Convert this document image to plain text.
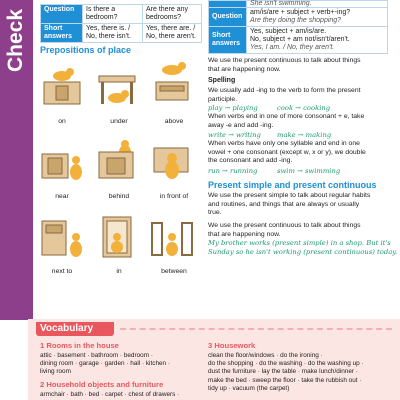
Check Question	Is there a bedroom?	Are there any bedrooms?
Short answers	Yes, there is. /
No, there isn't.	Yes, there are. /
No, there aren't.
	She isn't swimming.
Question	am/is/are + subject + verb+-ing?
Are they doing the shopping?
Short answers	Yes, subject + am/is/are.
No, subject + am not/isn't/aren't.
Yes, I am. / No, they aren't.
Prepositions of place
on	under	above
near	behind	in front of
next to	in	between
We use the present continuous to talk about things
that are happening now.
Spelling
We usually add -ing to the verb to form the present
participle.
play → playing	cook → cooking
When verbs end in one of more consonant + e, take
away -e and add -ing.
write → writing make → making
When verbs have only one syllable and end in one
vowel + one consonant (except w, x or y), we double
the consonant and add -ing.
run → running	swim → swimming
Present simple and present continuous
We use the present simple to talk about regular habits
and routines, and things that are always or usually
true.
We use the present continuous to talk about things
that are happening now.
My brother works (present simple) in a shop. But it's
Sunday so he isn't working (present continuous) today.
Vocabulary
1 Rooms in the house
attic · basement · bathroom · bedroom ·
dining room · garage · garden · hall · kitchen ·
living room
2 Household objects and furniture
armchair · bath · bed · carpet · chest of drawers ·
3 Housework
clean the floor/windows · do the ironing ·
do the shopping · do the washing · do the washing up ·
dust the furniture · lay the table · make lunch/dinner ·
make the bed · sweep the floor · take the rubbish out ·
tidy up · vacuum (the carpet)
